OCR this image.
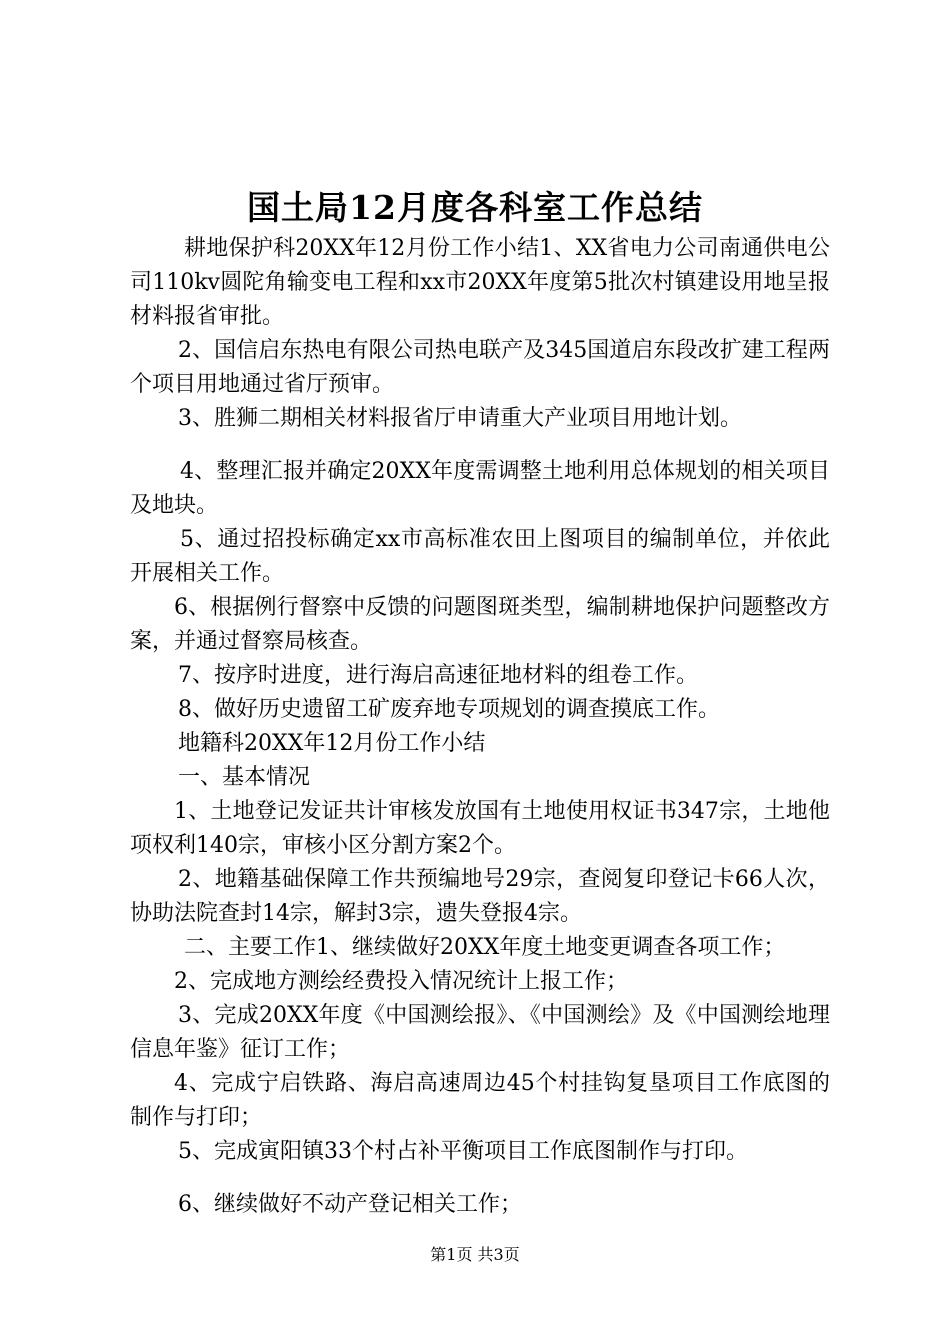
国土局12月度各科室工作总结

耕地保护科20XX年12月份工作小结1、XX省电力公司南通供电公司110kv圆陀角输变电工程和xx市20XX年度第5批次村镇建设用地呈报材料报省审批。

2、国信启东热电有限公司热电联产及345国道启东段改扩建工程两个项目用地通过省厅预审。

3、胜狮二期相关材料报省厅申请重大产业项目用地计划。

4、整理汇报并确定20XX年度需调整土地利用总体规划的相关项目及地块。

5、通过招投标确定xx市高标准农田上图项目的编制单位，并依此开展相关工作。

6、根据例行督察中反馈的问题图斑类型，编制耕地保护问题整改方案，并通过督察局核查。

7、按序时进度，进行海启高速征地材料的组卷工作。

8、做好历史遗留工矿废弃地专项规划的调查摸底工作。

地籍科20XX年12月份工作小结

一、基本情况

1、土地登记发证共计审核发放国有土地使用权证书347宗，土地他项权利140宗，审核小区分割方案2个。

2、地籍基础保障工作共预编地号29宗，查阅复印登记卡66人次，协助法院查封14宗，解封3宗，遗失登报4宗。

二、主要工作1、继续做好20XX年度土地变更调查各项工作；

2、完成地方测绘经费投入情况统计上报工作；

3、完成20XX年度《中国测绘报》、《中国测绘》及《中国测绘地理信息年鉴》征订工作；

4、完成宁启铁路、海启高速周边45个村挂钩复垦项目工作底图的制作与打印；

5、完成寅阳镇33个村占补平衡项目工作底图制作与打印。

6、继续做好不动产登记相关工作；

第1页 共3页
